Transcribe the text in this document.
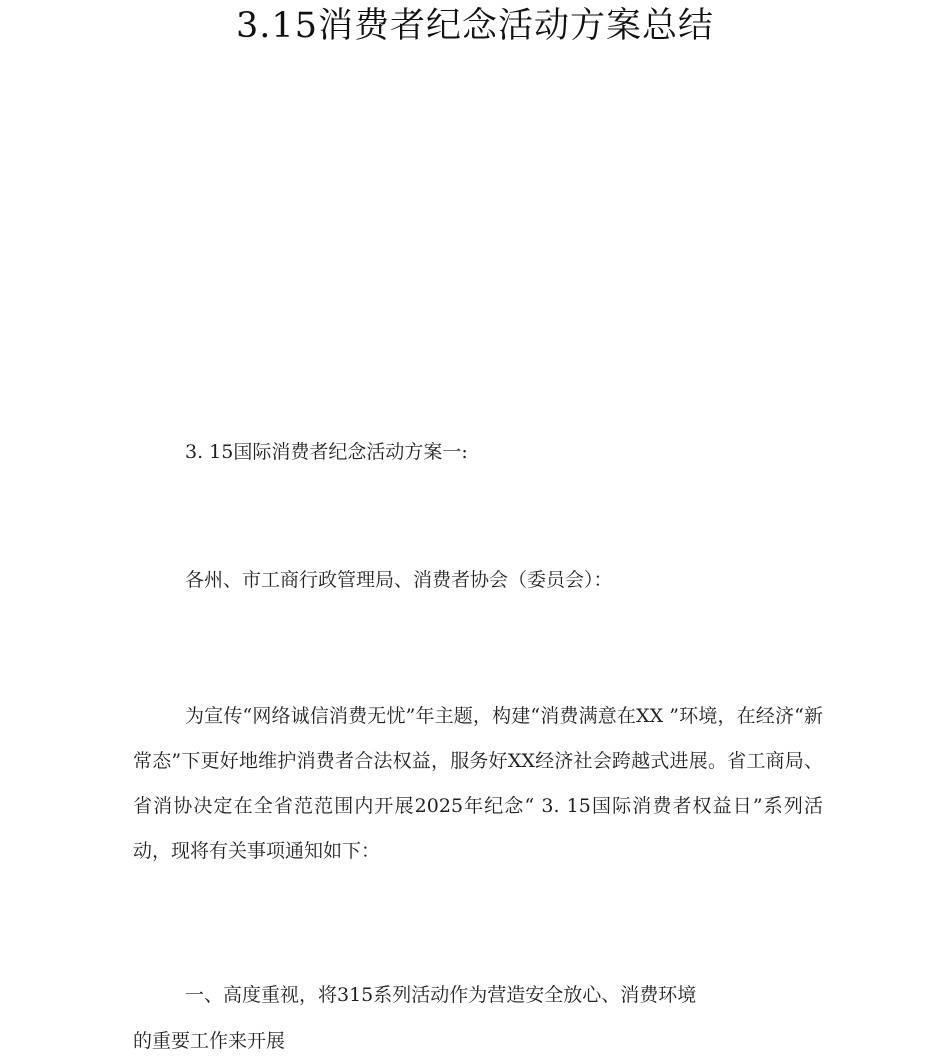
3.15消费者纪念活动方案总结

3. 15国际消费者纪念活动方案一:

各州、市工商行政管理局、消费者协会（委员会）：

为宣传“网络诚信消费无忧”年主题，构建“消费满意在XX ”环境，在经济“新常态”下更好地维护消费者合法权益，服务好XX经济社会跨越式进展。省工商局、省消协决定在全省范范围内开展2025年纪念“ 3. 15国际消费者权益日”系列活动，现将有关事项通知如下：

一、高度重视，将315系列活动作为营造安全放心、消费环境的重要工作来开展
